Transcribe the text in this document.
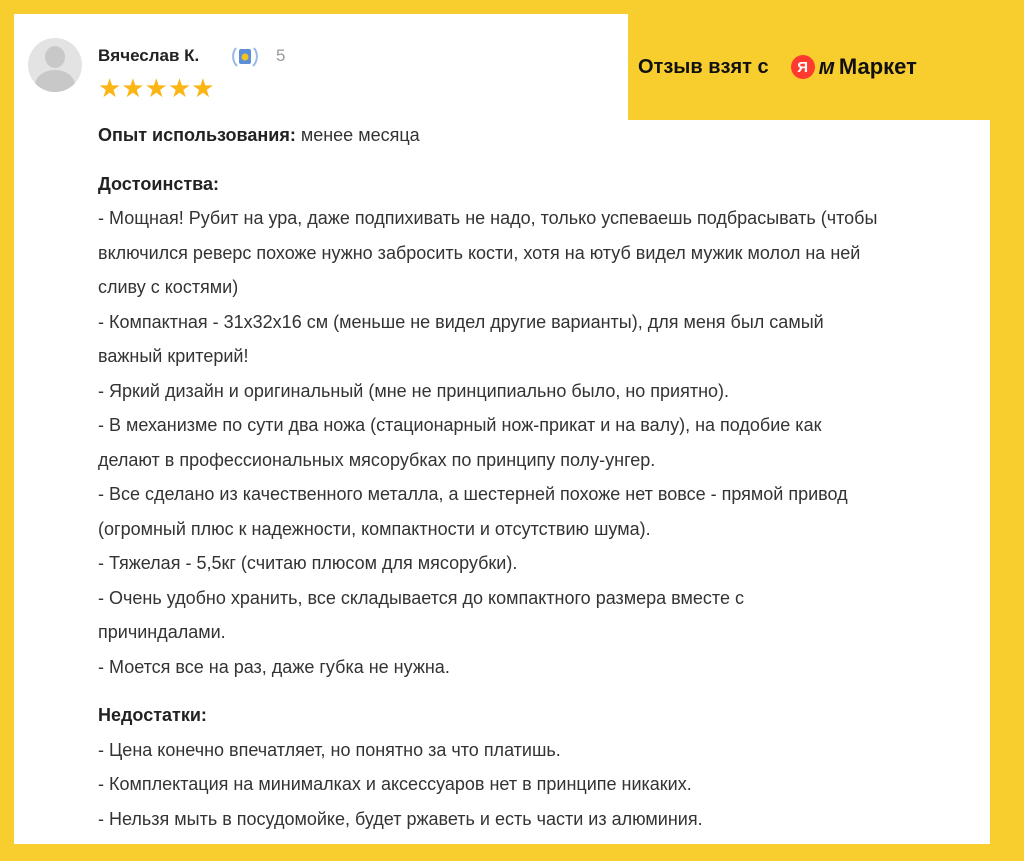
Вячеслав К.	5
★★★★★
Опыт использования: менее месяца
Достоинства:
- Мощная! Рубит на ура, даже подпихивать не надо, только успеваешь подбрасывать (чтобы
включился реверс похоже нужно забросить кости, хотя на ютуб видел мужик молол на ней
сливу с костями)
- Компактная - 31х32х16 см (меньше не видел другие варианты), для меня был самый
важный критерий!
- Яркий дизайн и оригинальный (мне не принципиально было, но приятно).
- В механизме по сути два ножа (стационарный нож-прикат и на валу), на подобие как
делают в профессиональных мясорубках по принципу полу-унгер.
- Все сделано из качественного металла, а шестерней похоже нет вовсе - прямой привод
(огромный плюс к надежности, компактности и отсутствию шума).
- Тяжелая - 5,5кг (считаю плюсом для мясорубки).
- Очень удобно хранить, все складывается до компактного размера вместе с
причиндалами.
- Моется все на раз, даже губка не нужна.
Недостатки:
- Цена конечно впечатляет, но понятно за что платишь.
- Комплектация на минималках и аксессуаров нет в принципе никаких.
- Нельзя мыть в посудомойке, будет ржаветь и есть части из алюминия.
Отзыв взят с	Я м Маркет
